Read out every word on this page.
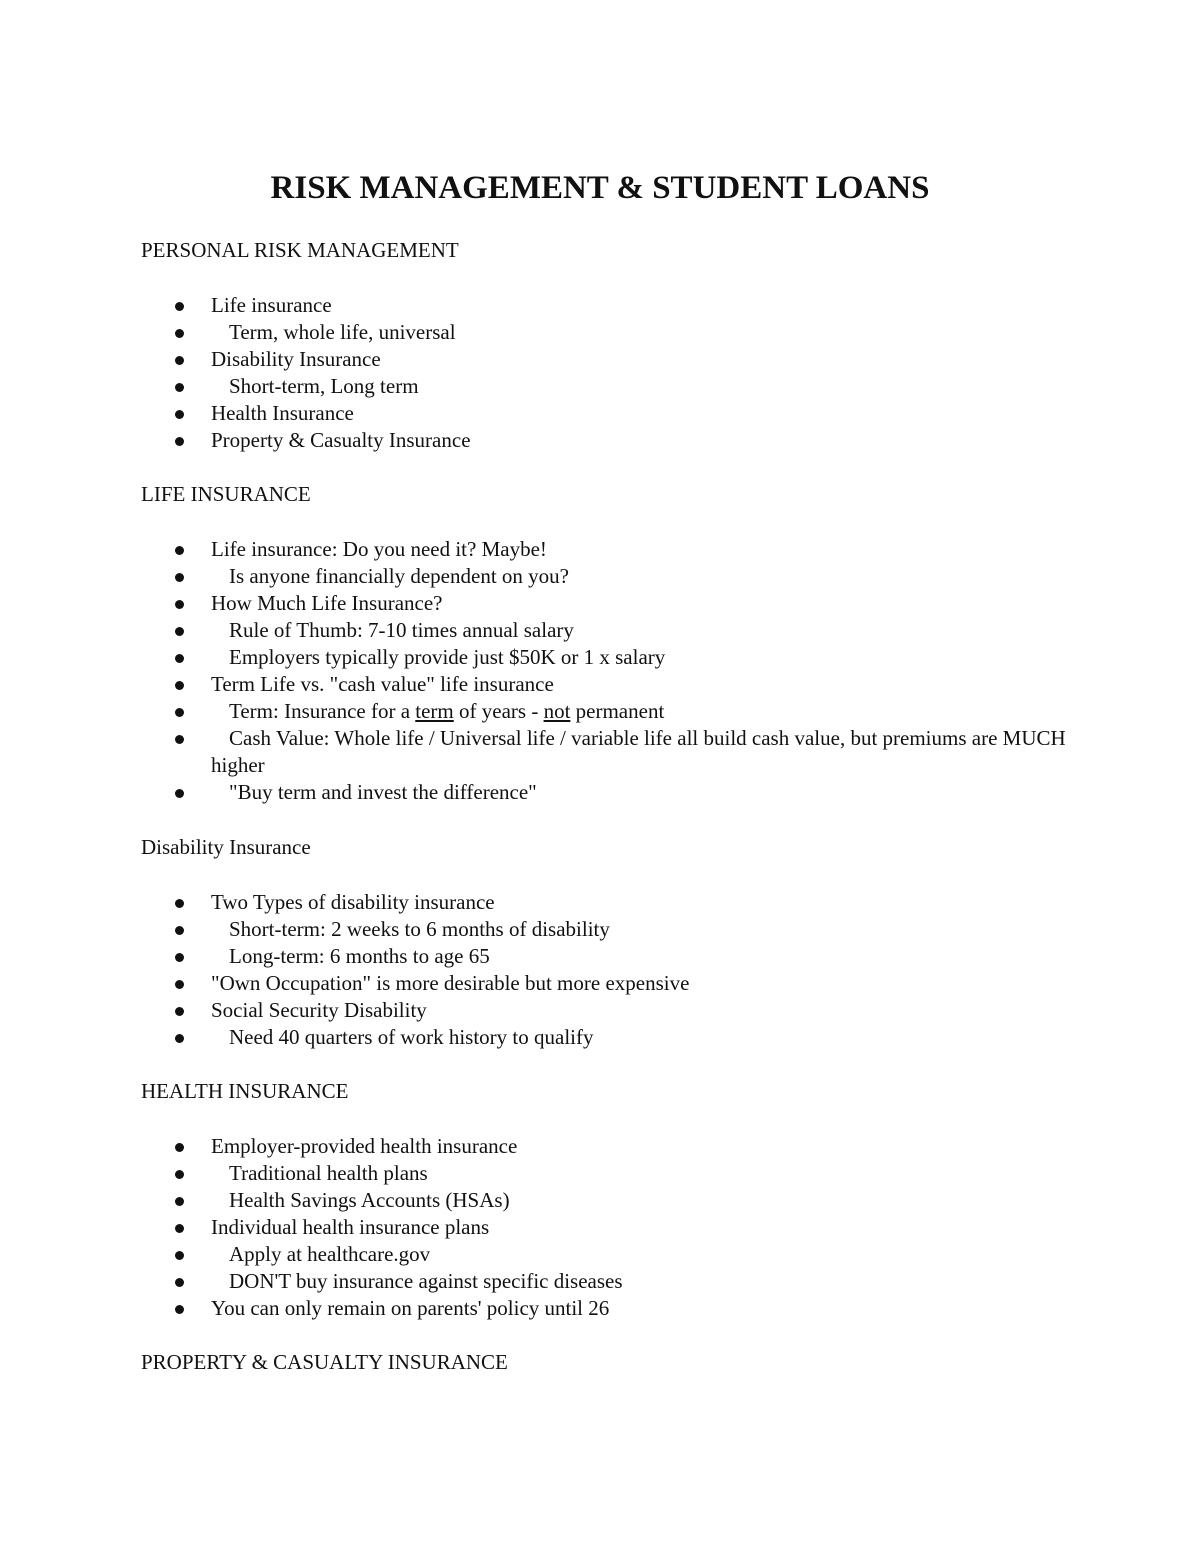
RISK MANAGEMENT & STUDENT LOANS
PERSONAL RISK MANAGEMENT
Life insurance
Term, whole life, universal
Disability Insurance
Short-term, Long term
Health Insurance
Property & Casualty Insurance
LIFE INSURANCE
Life insurance: Do you need it? Maybe!
Is anyone financially dependent on you?
How Much Life Insurance?
Rule of Thumb: 7-10 times annual salary
Employers typically provide just $50K or 1 x salary
Term Life vs. "cash value" life insurance
Term: Insurance for a term of years - not permanent
Cash Value: Whole life / Universal life / variable life all build cash value, but premiums are MUCH higher
"Buy term and invest the difference"
Disability Insurance
Two Types of disability insurance
Short-term: 2 weeks to 6 months of disability
Long-term: 6 months to age 65
"Own Occupation" is more desirable but more expensive
Social Security Disability
Need 40 quarters of work history to qualify
HEALTH INSURANCE
Employer-provided health insurance
Traditional health plans
Health Savings Accounts (HSAs)
Individual health insurance plans
Apply at healthcare.gov
DON'T buy insurance against specific diseases
You can only remain on parents' policy until 26
PROPERTY & CASUALTY INSURANCE
